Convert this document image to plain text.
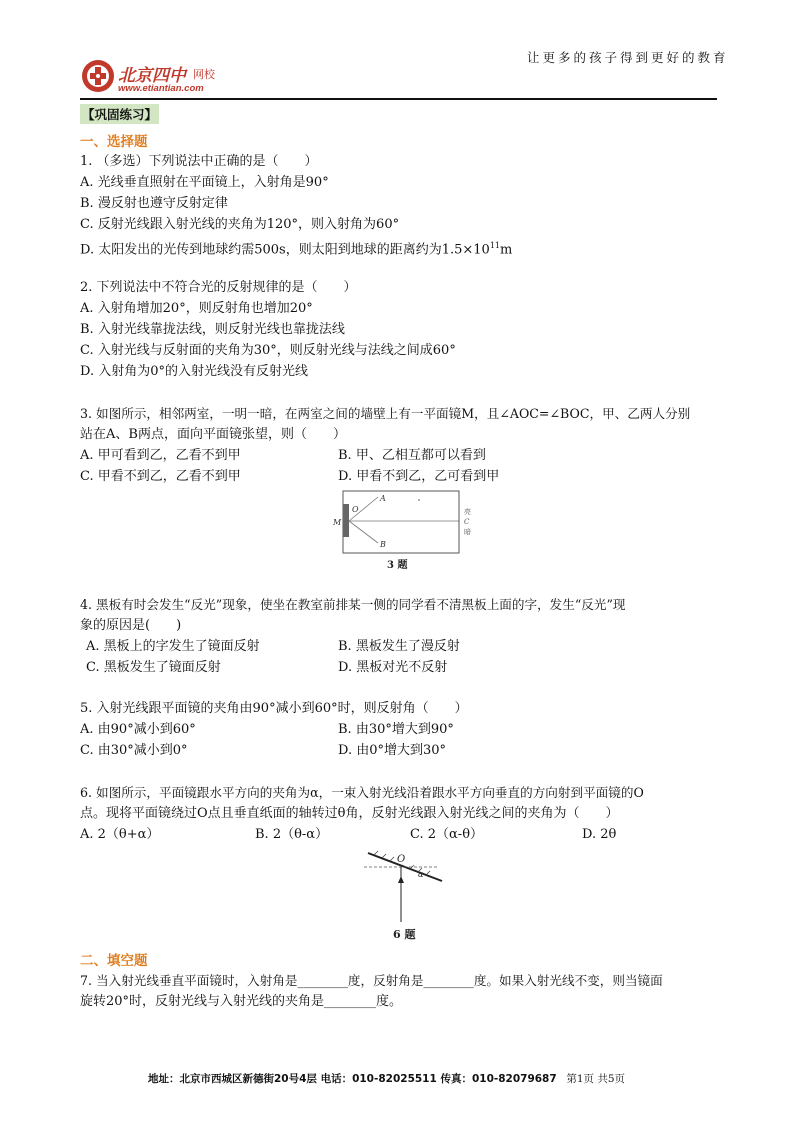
让更多的孩子得到更好的教育
北京四中 网校
www.etiantian.com
【巩固练习】
一、选择题
1. （多选）下列说法中正确的是（　　）
A. 光线垂直照射在平面镜上，入射角是90°
B. 漫反射也遵守反射定律
C. 反射光线跟入射光线的夹角为120°，则入射角为60°
D. 太阳发出的光传到地球约需500s，则太阳到地球的距离约为$1.5\times 10^{11}m$
2. 下列说法中不符合光的反射规律的是（　　）
A. 入射角增加20°，则反射角也增加20°
B. 入射光线靠拢法线，则反射光线也靠拢法线
C. 入射光线与反射面的夹角为30°，则反射光线与法线之间成60°
D. 入射角为0°的入射光线没有反射光线
3. 如图所示，相邻两室，一明一暗，在两室之间的墙壁上有一平面镜M，且∠AOC=∠BOC，甲、乙两人分别
站在A、B两点，面向平面镜张望，则（　　）
A. 甲可看到乙，乙看不到甲	B. 甲、乙相互都可以看到
C. 甲看不到乙，乙看不到甲	D. 甲看不到乙，乙可看到甲
O
A
B
M
亮
C
暗
3 题
4. 黑板有时会发生“反光”现象，使坐在教室前排某一侧的同学看不清黑板上面的字，发生“反光”现
象的原因是(　　)
A. 黑板上的字发生了镜面反射	B. 黑板发生了漫反射
C. 黑板发生了镜面反射	D. 黑板对光不反射
5. 入射光线跟平面镜的夹角由90°减小到60°时，则反射角（　　）
A. 由90°减小到60°	B. 由30°增大到90°
C. 由30°减小到0°	D. 由0°增大到30°
6. 如图所示，平面镜跟水平方向的夹角为α，一束入射光线沿着跟水平方向垂直的方向射到平面镜的O
点。现将平面镜绕过O点且垂直纸面的轴转过θ角，反射光线跟入射光线之间的夹角为（　　）
A. 2（θ+α）	B. 2（θ-α）	C. 2（α-θ）	D. 2θ
O
α
6 题
二、填空题
7. 当入射光线垂直平面镜时，入射角是________度，反射角是________度。如果入射光线不变，则当镜面
旋转20°时，反射光线与入射光线的夹角是________度。
地址：北京市西城区新德街20号4层 电话：010-82025511 传真：010-82079687 第1页 共5页
